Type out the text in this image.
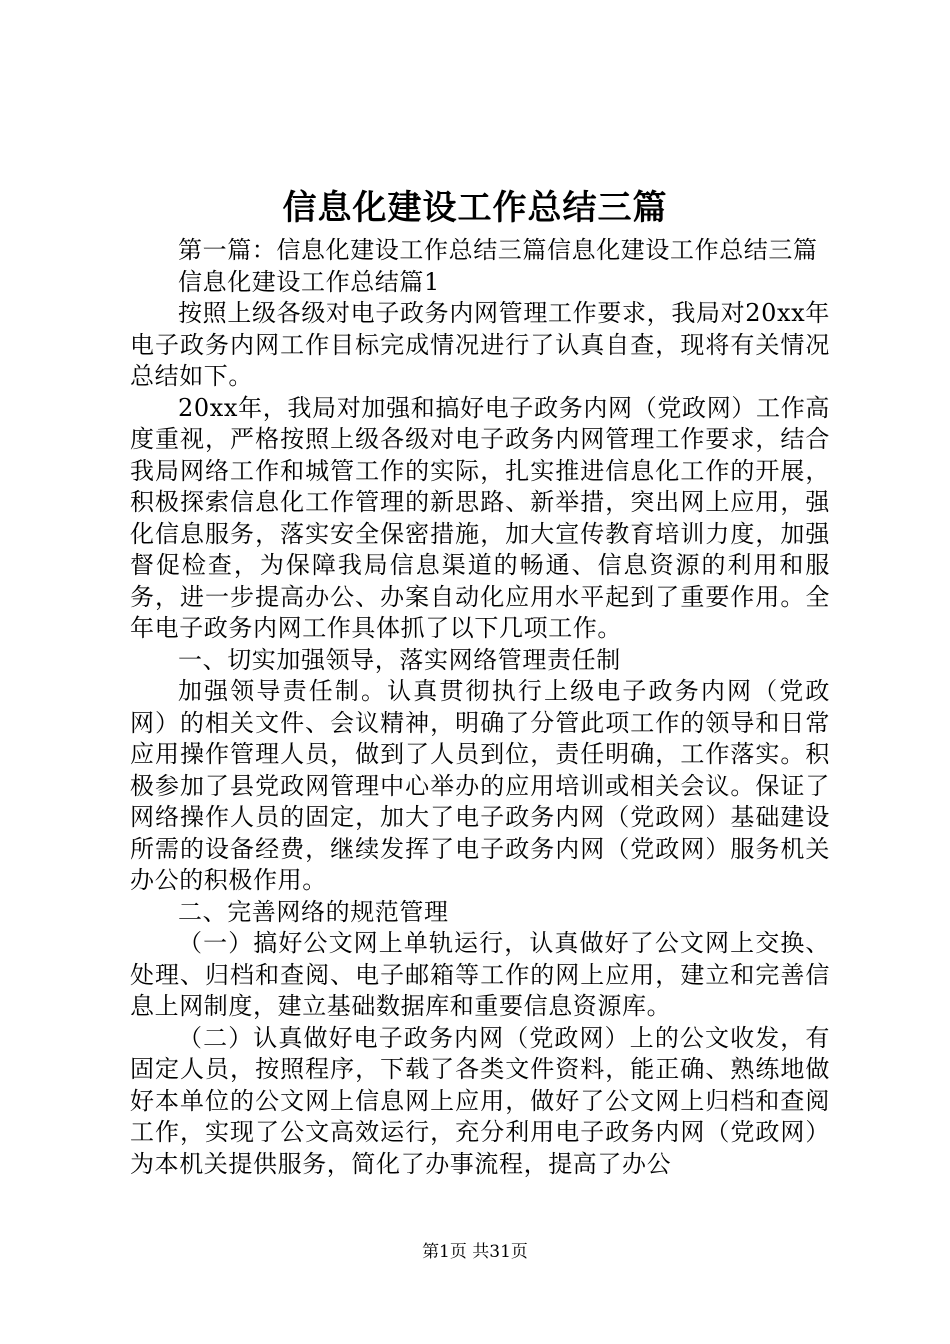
信息化建设工作总结三篇

第一篇：信息化建设工作总结三篇信息化建设工作总结三篇

信息化建设工作总结篇1

按照上级各级对电子政务内网管理工作要求，我局对20xx年电子政务内网工作目标完成情况进行了认真自查，现将有关情况总结如下。

20xx年，我局对加强和搞好电子政务内网（党政网）工作高度重视，严格按照上级各级对电子政务内网管理工作要求，结合我局网络工作和城管工作的实际，扎实推进信息化工作的开展，积极探索信息化工作管理的新思路、新举措，突出网上应用，强化信息服务，落实安全保密措施，加大宣传教育培训力度，加强督促检查，为保障我局信息渠道的畅通、信息资源的利用和服务，进一步提高办公、办案自动化应用水平起到了重要作用。全年电子政务内网工作具体抓了以下几项工作。

一、切实加强领导，落实网络管理责任制

加强领导责任制。认真贯彻执行上级电子政务内网（党政网）的相关文件、会议精神，明确了分管此项工作的领导和日常应用操作管理人员，做到了人员到位，责任明确，工作落实。积极参加了县党政网管理中心举办的应用培训或相关会议。保证了网络操作人员的固定，加大了电子政务内网（党政网）基础建设所需的设备经费，继续发挥了电子政务内网（党政网）服务机关办公的积极作用。

二、完善网络的规范管理

（一）搞好公文网上单轨运行，认真做好了公文网上交换、处理、归档和查阅、电子邮箱等工作的网上应用，建立和完善信息上网制度，建立基础数据库和重要信息资源库。

（二）认真做好电子政务内网（党政网）上的公文收发，有固定人员，按照程序，下载了各类文件资料，能正确、熟练地做好本单位的公文网上信息网上应用，做好了公文网上归档和查阅工作，实现了公文高效运行，充分利用电子政务内网（党政网）为本机关提供服务，简化了办事流程，提高了办公

第1页 共31页
